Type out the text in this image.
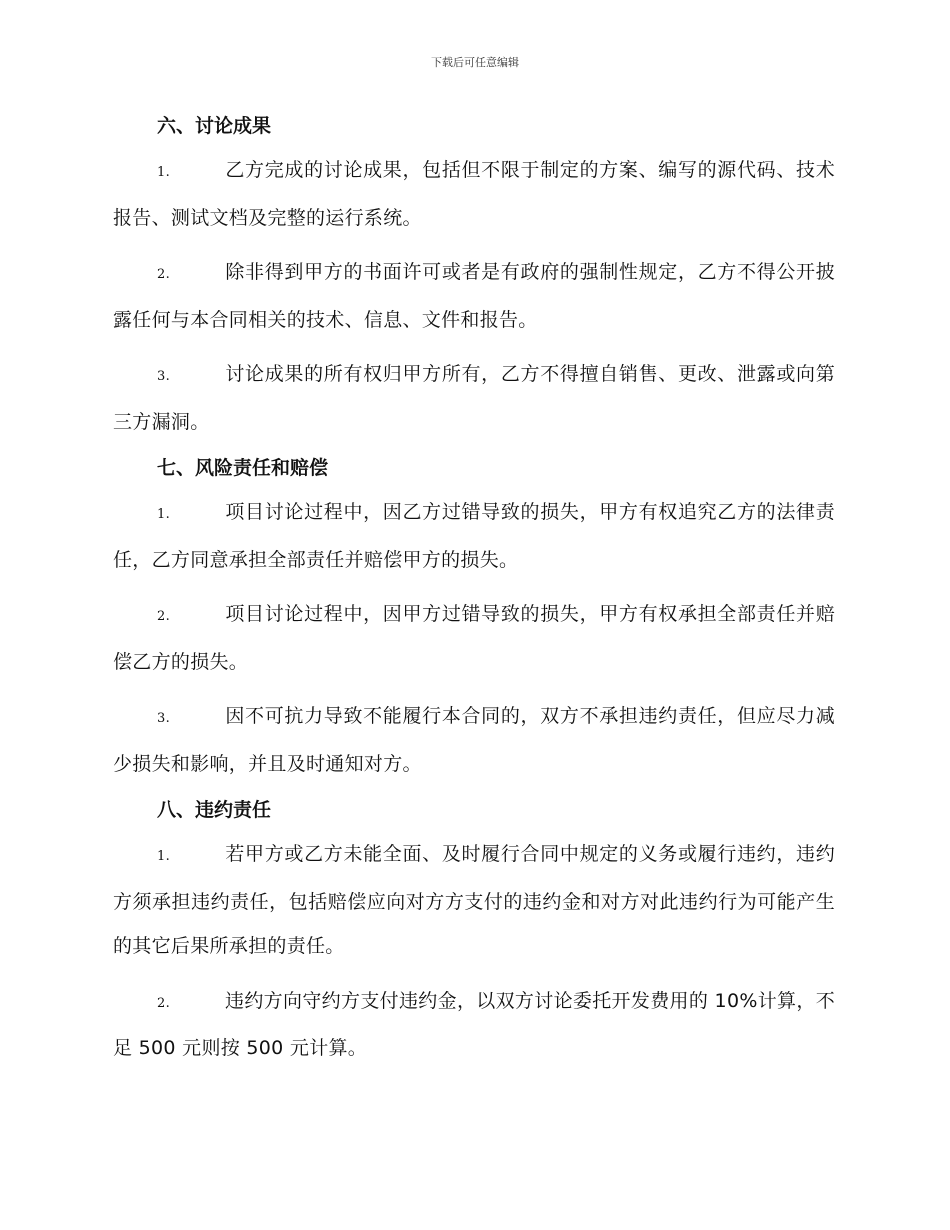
下载后可任意编辑
六、讨论成果

1.	乙方完成的讨论成果，包括但不限于制定的方案、编写的源代码、技术报告、测试文档及完整的运行系统。

2.	除非得到甲方的书面许可或者是有政府的强制性规定，乙方不得公开披露任何与本合同相关的技术、信息、文件和报告。

3.	讨论成果的所有权归甲方所有，乙方不得擅自销售、更改、泄露或向第三方漏洞。

七、风险责任和赔偿

1.	项目讨论过程中，因乙方过错导致的损失，甲方有权追究乙方的法律责任，乙方同意承担全部责任并赔偿甲方的损失。

2.	项目讨论过程中，因甲方过错导致的损失，甲方有权承担全部责任并赔偿乙方的损失。

3.	因不可抗力导致不能履行本合同的，双方不承担违约责任，但应尽力减少损失和影响，并且及时通知对方。

八、违约责任

1.	若甲方或乙方未能全面、及时履行合同中规定的义务或履行违约，违约方须承担违约责任，包括赔偿应向对方方支付的违约金和对方对此违约行为可能产生的其它后果所承担的责任。

2.	违约方向守约方支付违约金，以双方讨论委托开发费用的 10%计算，不足 500 元则按 500 元计算。
